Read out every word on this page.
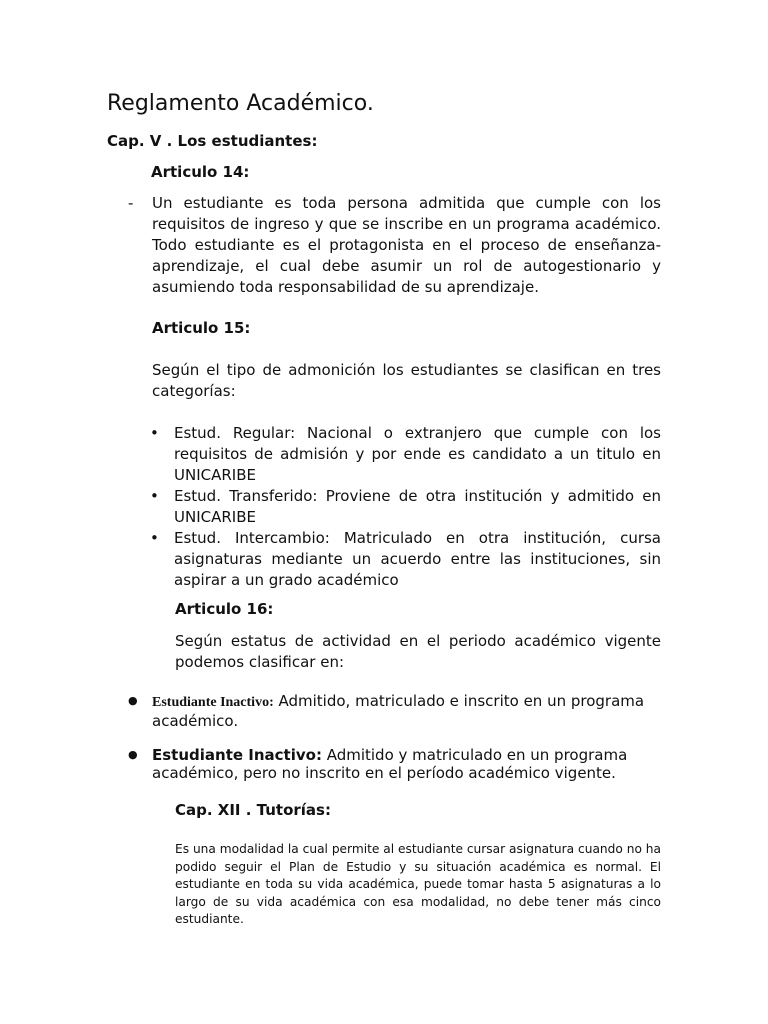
Reglamento Académico.
Cap. V . Los estudiantes:
Articulo 14:
- Un estudiante es toda persona admitida que cumple con los requisitos de ingreso y que se inscribe en un programa académico. Todo estudiante es el protagonista en el proceso de enseñanza-aprendizaje, el cual debe asumir un rol de autogestionario y asumiendo toda responsabilidad de su aprendizaje.

Articulo 15:

Según el tipo de admonición los estudiantes se clasifican en tres categorías:

• Estud. Regular: Nacional o extranjero que cumple con los requisitos de admisión y por ende es candidato a un titulo en UNICARIBE

• Estud. Transferido: Proviene de otra institución y admitido en UNICARIBE

• Estud. Intercambio: Matriculado en otra institución, cursa asignaturas mediante un acuerdo entre las instituciones, sin aspirar a un grado académico

Articulo 16:

Según estatus de actividad en el periodo académico vigente podemos clasificar en:

● Estudiante Inactivo: Admitido, matriculado e inscrito en un programa académico.
● Estudiante Inactivo: Admitido y matriculado en un programa académico, pero no inscrito en el período académico vigente.
Cap. XII . Tutorías:

Es una modalidad la cual permite al estudiante cursar asignatura cuando no ha podido seguir el Plan de Estudio y su situación académica es normal. El estudiante en toda su vida académica, puede tomar hasta 5 asignaturas a lo largo de su vida académica con esa modalidad, no debe tener más cinco estudiante.
